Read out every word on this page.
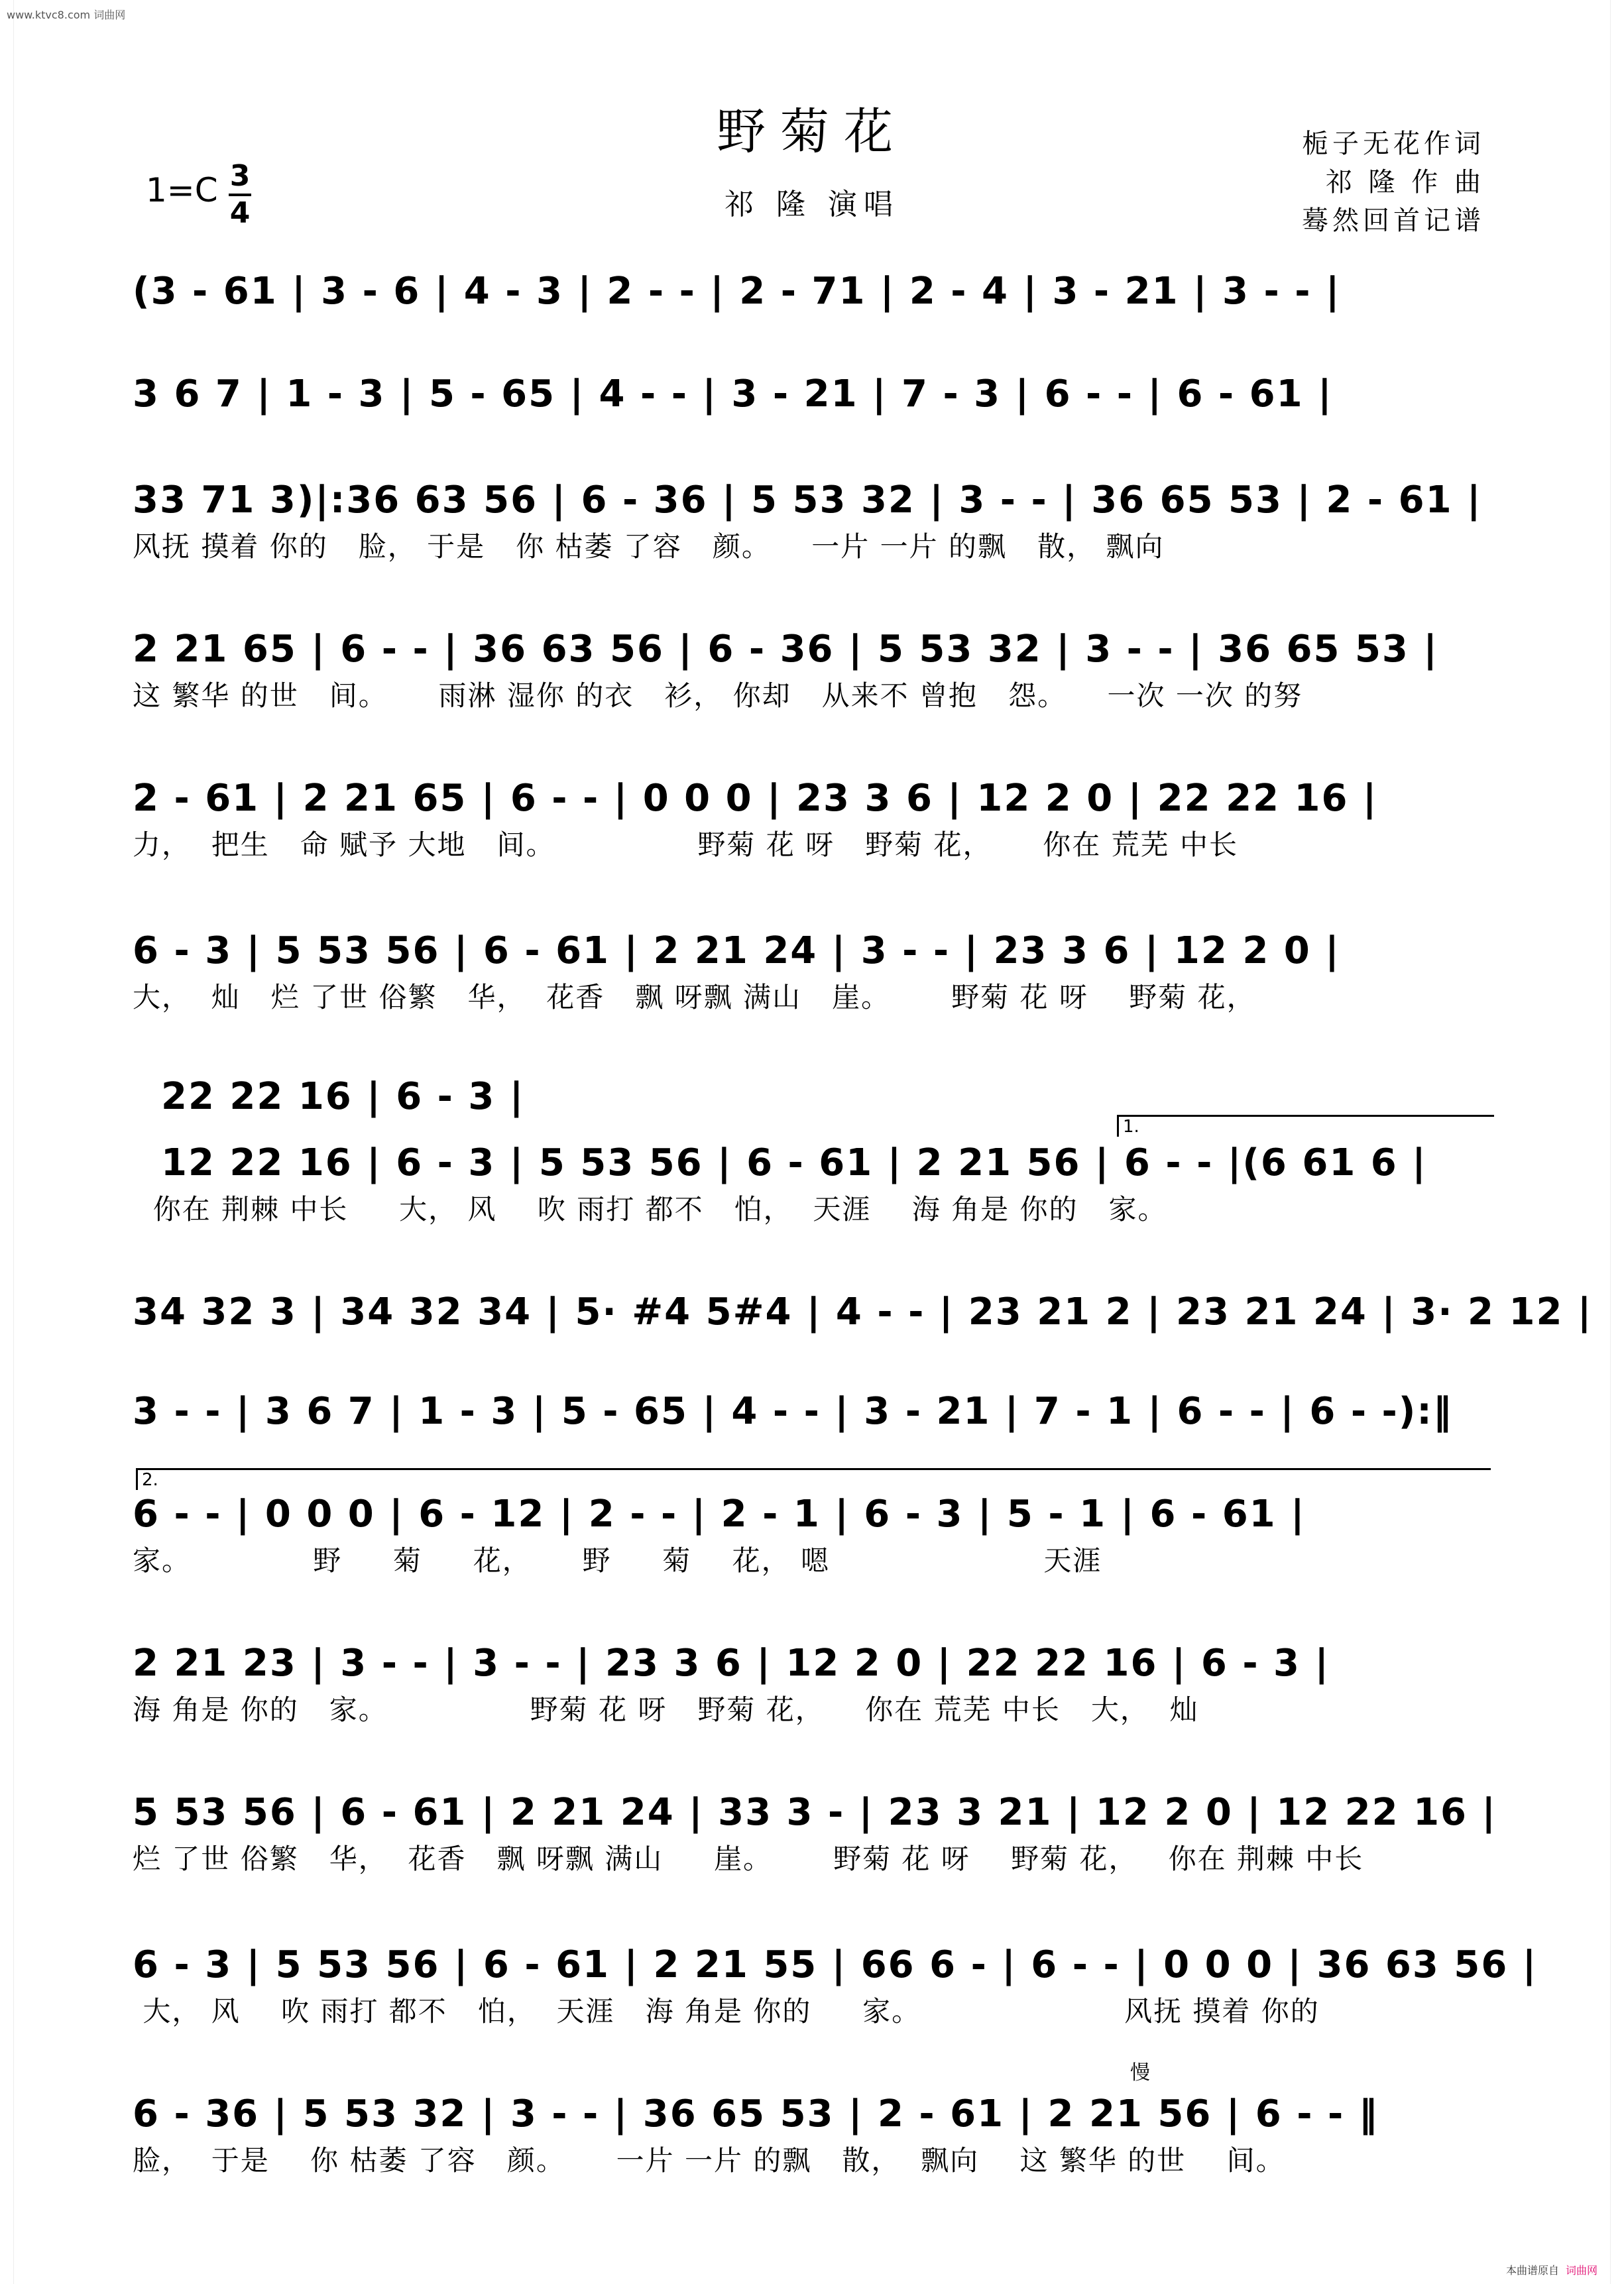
www.ktvc8.com 词曲网
野菊花
祁 隆 演唱
1=C 3
4
栀子无花作词
祁 隆 作 曲
蓦然回首记谱
(3 - 61 | 3 - 6 | 4 - 3 | 2 - - | 2 - 71 | 2 - 4 | 3 - 21 | 3 - - |
3 6 7 | 1 - 3 | 5 - 65 | 4 - - | 3 - 21 | 7 - 3 | 6 - - | 6 - 61 |
33 71 3)|:36 63 56 | 6 - 36 | 5 53 32 | 3 - - | 36 65 53 | 2 - 61 |
风抚 摸着 你的   脸， 于是   你 枯萎 了容   颜。    一片 一片 的飘   散， 飘向
2 21 65 | 6 - - | 36 63 56 | 6 - 36 | 5 53 32 | 3 - - | 36 65 53 |
这 繁华 的世   间。     雨淋 湿你 的衣   衫， 你却   从来不 曾抱   怨。    一次 一次 的努
2 - 61 | 2 21 65 | 6 - - | 0 0 0 | 23 3 6 | 12 2 0 | 22 22 16 |
力，  把生   命 赋予 大地   间。              野菊 花 呀   野菊 花，     你在 荒芜 中长
6 - 3 | 5 53 56 | 6 - 61 | 2 21 24 | 3 - - | 23 3 6 | 12 2 0 |
大，  灿   烂 了世 俗繁   华，  花香   飘 呀飘 满山   崖。      野菊 花 呀    野菊 花，
22 22 16 | 6 - 3 |
1.
12 22 16 | 6 - 3 | 5 53 56 | 6 - 61 | 2 21 56 | 6 - - |(6 61 6 |
你在 荆棘 中长     大， 风    吹 雨打 都不   怕，  天涯    海 角是 你的   家。
34 32 3 | 34 32 34 | 5· #4 5#4 | 4 - - | 23 21 2 | 23 21 24 | 3· 2 12 |
3 - - | 3 6 7 | 1 - 3 | 5 - 65 | 4 - - | 3 - 21 | 7 - 1 | 6 - - | 6 - -):‖
2.
6 - - | 0 0 0 | 6 - 12 | 2 - - | 2 - 1 | 6 - 3 | 5 - 1 | 6 - 61 |
家。            野     菊     花，     野     菊    花， 嗯                     天涯
2 21 23 | 3 - - | 3 - - | 23 3 6 | 12 2 0 | 22 22 16 | 6 - 3 |
海 角是 你的   家。              野菊 花 呀   野菊 花，    你在 荒芜 中长   大，  灿
5 53 56 | 6 - 61 | 2 21 24 | 33 3 - | 23 3 21 | 12 2 0 | 12 22 16 |
烂 了世 俗繁   华，  花香   飘 呀飘 满山     崖。      野菊 花 呀    野菊 花，   你在 荆棘 中长
6 - 3 | 5 53 56 | 6 - 61 | 2 21 55 | 66 6 - | 6 - - | 0 0 0 | 36 63 56 |
大， 风    吹 雨打 都不   怕，  天涯   海 角是 你的     家。                    风抚 摸着 你的
慢
6 - 36 | 5 53 32 | 3 - - | 36 65 53 | 2 - 61 | 2 21 56 | 6 - - ‖
脸，  于是    你 枯萎 了容   颜。     一片 一片 的飘   散，  飘向    这 繁华 的世    间。
本曲谱原自 词曲网
